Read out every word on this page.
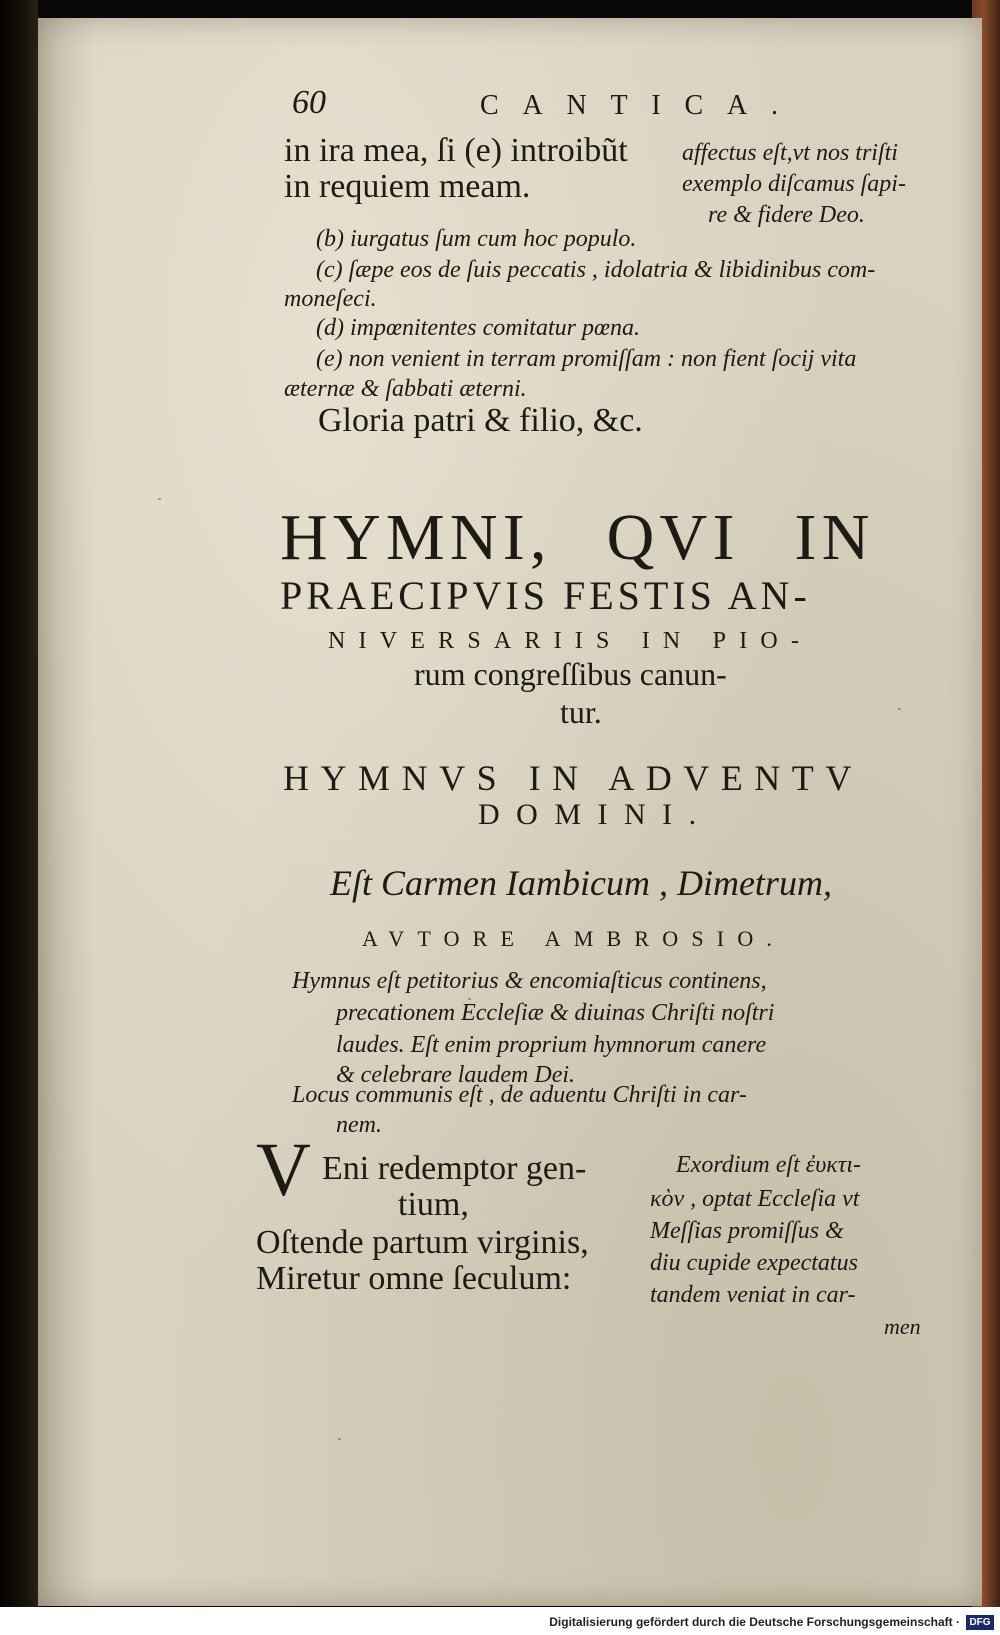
60	CANTICA.
in ira mea, ſi (e) introibũt
in requiem meam.
affectus eſt,vt nos triſti
exemplo diſcamus ſapi-
re & fidere Deo.
(b) iurgatus ſum cum hoc populo.
(c) ſæpe eos de ſuis peccatis , idolatria & libidinibus com-
moneſeci.
(d) impœnitentes comitatur pœna.
(e) non venient in terram promiſſam : non fient ſocij vita
æternæ & ſabbati æterni.
Gloria patri & filio, &c.
HYMNI, QVI IN
PRAECIPVIS FESTIS AN-
NIVERSARIIS IN PIO-
rum congreſſibus canun-
tur.
HYMNVS IN ADVENTV
DOMINI.
Eſt Carmen Iambicum , Dimetrum,
AVTORE AMBROSIO.
Hymnus eſt petitorius & encomiaſticus continens,
precationem Eccleſiæ & diuinas Chriſti noſtri
laudes. Eſt enim proprium hymnorum canere
& celebrare laudem Dei.
Locus communis eſt , de aduentu Chriſti in car-
nem.
V Eni redemptor gen-
tium,
Oſtende partum virginis,
Miretur omne ſeculum:
Exordium eſt ἐυκτι-
κὸν , optat Eccleſia vt
Meſſias promiſſus &
diu cupide expectatus
tandem veniat in car-
men
Digitalisierung gefördert durch die Deutsche Forschungsgemeinschaft · DFG
